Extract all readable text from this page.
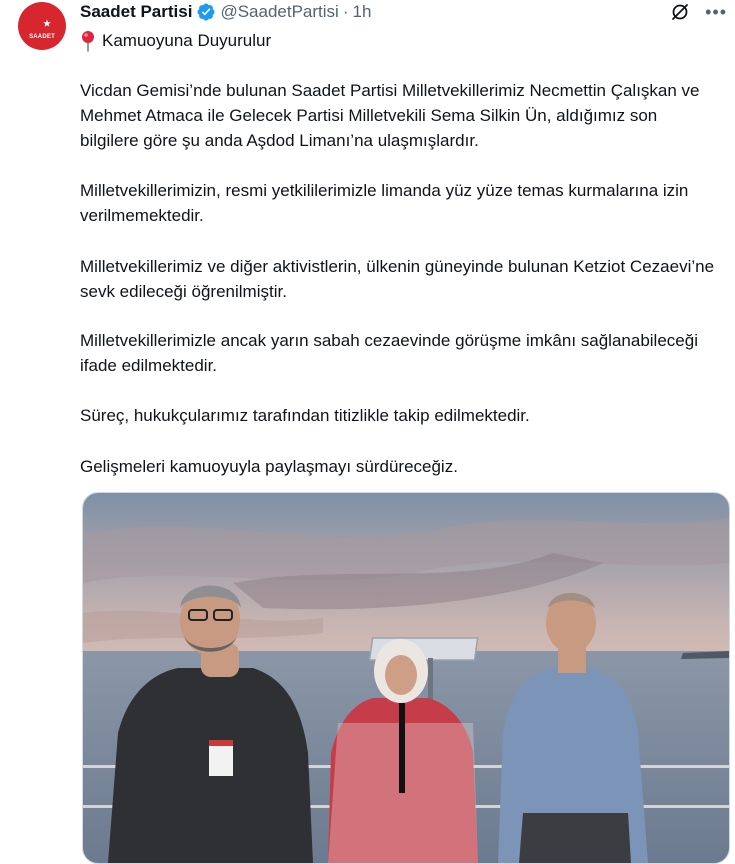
SAADET
Saadet Partisi @SaadetPartisi · 1h	•••
Kamuoyuna Duyurulur

Vicdan Gemisi’nde bulunan Saadet Partisi Milletvekillerimiz Necmettin Çalışkan ve Mehmet Atmaca ile Gelecek Partisi Milletvekili Sema Silkin Ün, aldığımız son bilgilere göre şu anda Aşdod Limanı’na ulaşmışlardır.

Milletvekillerimizin, resmi yetkililerimizle limanda yüz yüze temas kurmalarına izin verilmemektedir.

Milletvekillerimiz ve diğer aktivistlerin, ülkenin güneyinde bulunan Ketziot Cezaevi’ne sevk edileceği öğrenilmiştir.

Milletvekillerimizle ancak yarın sabah cezaevinde görüşme imkânı sağlanabileceği ifade edilmektedir.

Süreç, hukukçularımız tarafından titizlikle takip edilmektedir.

Gelişmeleri kamuoyuyla paylaşmayı sürdüreceğiz.
